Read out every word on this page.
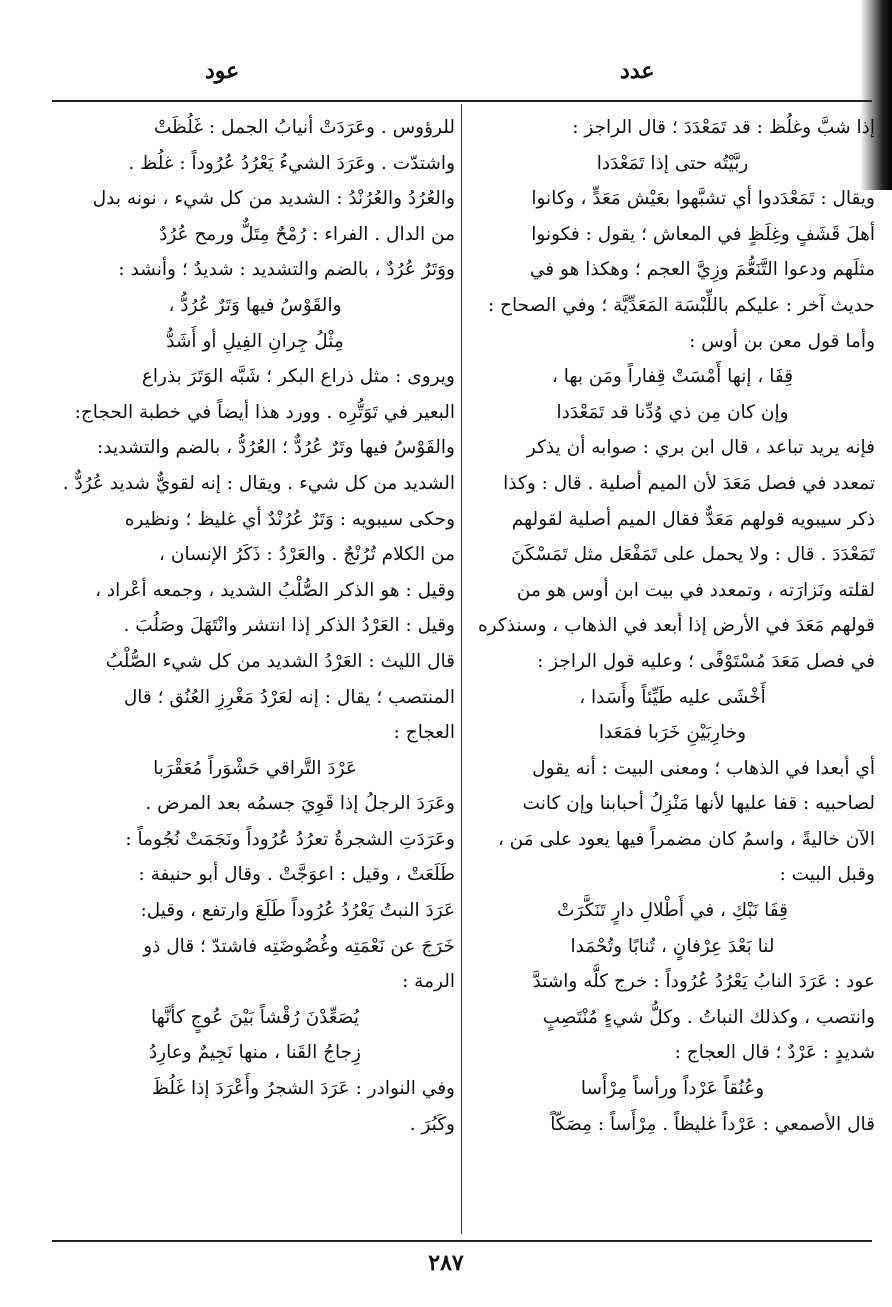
عدد
عود
إذا شبَّ وغلُظ : قد تَمَعْدَدَ ؛ قال الراجز :
ربَّيْتُه حتى إذا تَمَعْدَدا
ويقال : تَمَعْدَدوا أي تشبَّهوا بعَيْش مَعَدٍّ ، وكانوا
أهلَ قَشَفٍ وغِلَظٍ في المعاش ؛ يقول : فكونوا
مثلَهم ودعوا التَّنَعُّمَ وزِيَّ العجم ؛ وهكذا هو في
حديث آخر : عليكم باللِّبْسَة المَعَدِّيَّة ؛ وفي الصحاح :
وأما قول معن بن أوس :
قِفَا ، إنها أَمْسَتْ قِفاراً ومَن بها ،
وإن كان مِن ذي وُدِّنا قد تَمَعْدَدا
فإنه يريد تباعد ، قال ابن بري : صوابه أن يذكر
تمعدد في فصل مَعَدَ لأن الميم أصلية . قال : وكذا
ذكر سيبويه قولهم مَعَدٌّ فقال الميم أصلية لقولهم
تَمَعْدَدَ . قال : ولا يحمل على تَمَفْعَل مثل تَمَسْكَنَ
لقلته ونَزارَته ، وتمعدد في بيت ابن أوس هو من
قولهم مَعَدَ في الأرض إذا أبعد في الذهاب ، وسنذكره
في فصل مَعَدَ مُسْتَوْفًى ؛ وعليه قول الراجز :
أَخْشَى عليه طَيِّئاً وأَسَدا ،
وخارِبَيْنِ خَرَبا فمَعَدا
أي أبعدا في الذهاب ؛ ومعنى البيت : أنه يقول
لصاحبيه : قفا عليها لأنها مَنْزِلُ أحبابنا وإن كانت
الآن خاليةً ، واسمُ كان مضمراً فيها يعود على مَن ،
وقبل البيت :
قِفَا نَبْكِ ، في أَطْلالِ دارٍ تَنَكَّرَتْ
لنا بَعْدَ عِرْفانٍ ، تُنابًا وتُحْمَدا
عود : عَرَدَ النابُ يَعْرُدُ عُرُوداً : خرج كلُّه واشتدَّ
وانتصب ، وكذلك النباتُ . وكلُّ شيءٍ مُنْتَصِبٍ
شديدٍ : عَرْدٌ ؛ قال العجاج :
وعُنُقاً عَرْداً ورأساً مِرْأَسا
قال الأصمعي : عَرْداً غليظاً . مِرْأَساً : مِصَكّاً
للرؤوس . وعَرَدَتْ أنيابُ الجمل : غَلُظَتْ
واشتدّت . وعَرَدَ الشيءُ يَعْرُدُ عُرُوداً : غلُظ .
والعُرُدُ والعُرُنْدُ : الشديد من كل شيء ، نونه بدل
من الدال . الفراء : رُمْحٌ مِتَلٌّ ورمح عُرُدٌ
ووَتَرٌ عُرُدٌ ، بالضم والتشديد : شديدٌ ؛ وأنشد :
والقَوْسُ فيها وَتَرٌ عُرُدُّ ،
مِثْلُ جِرانِ الفِيلِ أو أَشَدُّ
ويروى : مثل ذراع البكر ؛ شَبَّه الوَتَرَ بذراع
البعير في تَوَتُّرِه . وورد هذا أيضاً في خطبة الحجاج:
والقَوْسُ فيها وتَرٌ عُرُدٌّ ؛ العُرُدُّ ، بالضم والتشديد:
الشديد من كل شيء . ويقال : إنه لقويٌّ شديد عُرُدٌّ .
وحكى سيبويه : وَتَرٌ عُرُنْدٌ أي غليظ ؛ ونظيره
من الكلام تُرُنْجٌ . والعَرْدُ : ذَكَرُ الإنسان ،
وقيل : هو الذكر الصُّلْبُ الشديد ، وجمعه أعْراد ،
وقيل : العَرْدُ الذكر إذا انتشر وانْتَهَلَ وصَلُبَ .
قال الليث : العَرْدُ الشديد من كل شيء الصُّلْبُ
المنتصب ؛ يقال : إنه لعَرْدُ مَغْرِزِ العُنُق ؛ قال
العجاج :
عَرْدَ التَّراقي حَشْوَراً مُعَقْرَبا
وعَرَدَ الرجلُ إذا قَوِيَ جسمُه بعد المرض .
وعَرَدَتِ الشجرةُ تعرُدُ عُرُوداً ونَجَمَتْ نُجُوماً :
طَلَعَتْ ، وقيل : اعوَجَّتْ . وقال أبو حنيفة :
عَرَدَ النبتُ يَعْرُدُ عُرُوداً طَلَعَ وارتفع ، وقيل:
خَرَجَ عن نَعْمَتِه وغُضُوضَتِه فاشتدّ ؛ قال ذو
الرمة :
يُصَعِّدْنَ رُقْشاً بَيْنَ عُوجٍ كأنَّها
زِجاجُ القَنا ، منها نَجِيمٌ وعارِدُ
وفي النوادر : عَرَدَ الشجرُ وأَعْرَدَ إذا غَلُظَ
وكَبُرَ .
٢٨٧
